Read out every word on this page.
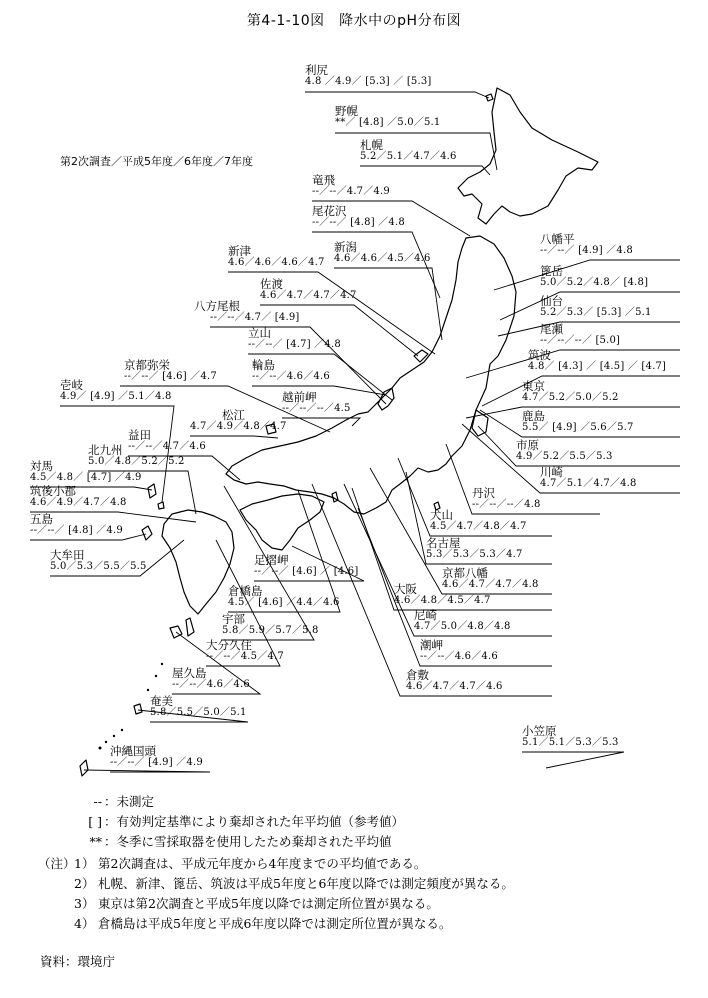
第4-1-10図　降水中のpH分布図
第2次調査／平成5年度／6年度／7年度
利尻
4.8 ／4.9／ [5.3] ／ [5.3]
野幌
**／ [4.8] ／5.0／5.1
札幌
5.2／5.1／4.7／4.6
竜飛
--／--／4.7／4.9
尾花沢
--／--／ [4.8] ／4.8
新津
4.6／4.6／4.6／4.7
新潟
4.6／4.6／4.5／4.6
佐渡
4.6／4.7／4.7／4.7
八方尾根
--／--／4.7／ [4.9]
立山
--／--／ [4.7] ／4.8
輪島
--／--／4.6／4.6
京都弥栄
--／--／ [4.6] ／4.7
壱岐
4.9／ [4.9] ／5.1／4.8	越前岬
--／--／--／4.5
松江
4.7／4.9／4.8／4.7
益田
--／--／4.7／4.6
北九州
5.0／4.8／5.2／5.2
対馬
4.5／4.8／ [4.7] ／4.9
筑後小郡
4.6／4.9／4.7／4.8
五島
--／--／ [4.8] ／4.9
大牟田
5.0／5.3／5.5／5.5	足摺岬
--／--／ [4.6] ／ [4.6]
倉橋島
4.5／ [4.6] ／4.4／4.6
宇部
5.8／5.9／5.7／5.8
大分久住
--／--／4.5／4.7
屋久島
--／--／4.6／4.6
奄美
5.8／5.5／5.0／5.1
沖縄国頭
--／--／ [4.9] ／4.9
八幡平
--／--／ [4.9] ／4.8
篦岳
5.0／5.2／4.8／ [4.8]
仙台
5.2／5.3／ [5.3] ／5.1
尾瀬
--／--／--／ [5.0]
筑波
4.8／ [4.3] ／ [4.5] ／ [4.7]
東京
4.7／5.2／5.0／5.2
鹿島
5.5／ [4.9] ／5.6／5.7
市原
4.9／5.2／5.5／5.3
川崎
4.7／5.1／4.7／4.8
丹沢
--／--／--／4.8
犬山
4.5／4.7／4.8／4.7
名古屋
5.3／5.3／5.3／4.7
京都八幡
4.6／4.7／4.7／4.8
大阪
4.6／4.8／4.5／4.7
尼崎
4.7／5.0／4.8／4.8
潮岬
--／--／4.6／4.6
倉敷
4.6／4.7／4.7／4.6
小笠原
5.1／5.1／5.3／5.3
-- ：未測定
[ ] ：有効判定基準により棄却された年平均値（参考値）
** ：冬季に雪採取器を使用したため棄却された平均値
（注）1） 第2次調査は、平成元年度から4年度までの平均値である。
2） 札幌、新津、篦岳、筑波は平成5年度と6年度以降では測定頻度が異なる。
3） 東京は第2次調査と平成5年度以降では測定所位置が異なる。
4） 倉橋島は平成5年度と平成6年度以降では測定所位置が異なる。
資料：環境庁
